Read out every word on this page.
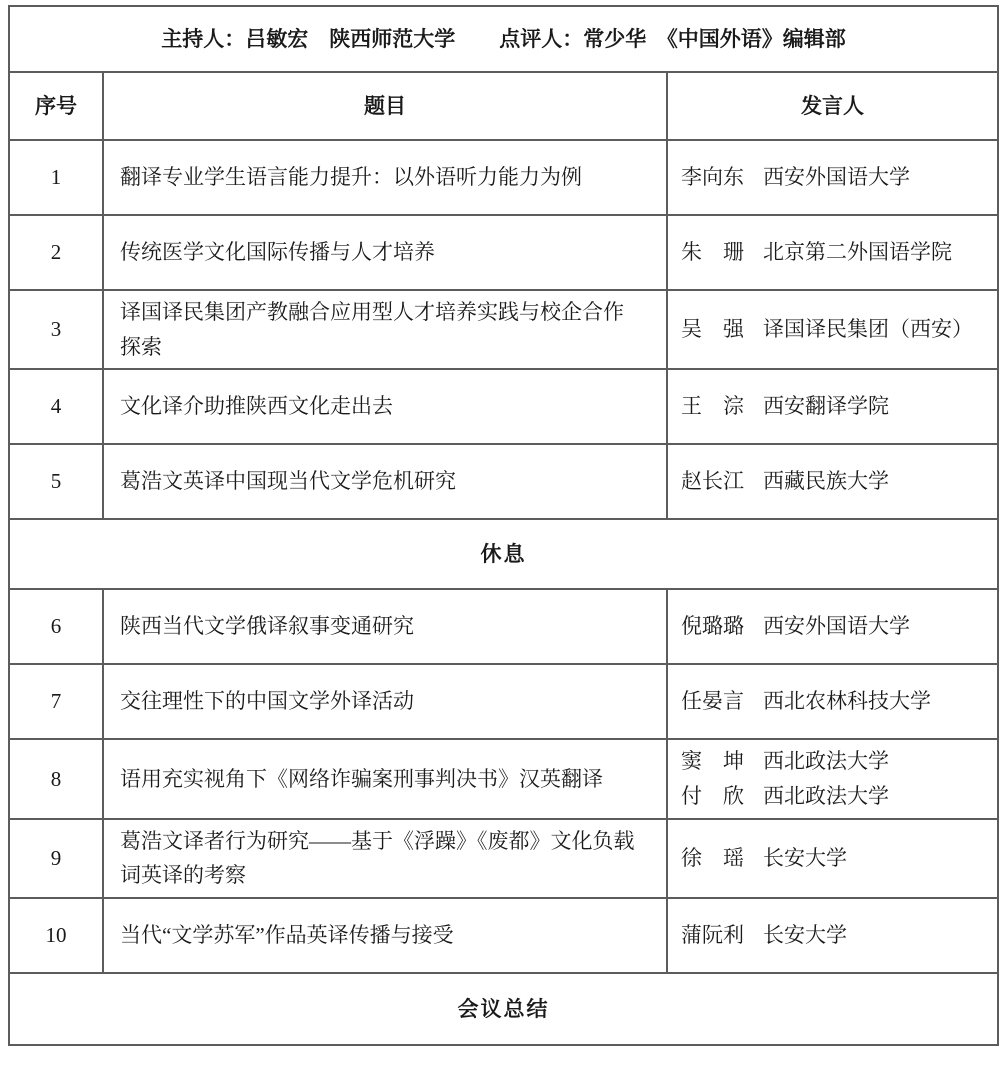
主持人：吕敏宏　陕西师范大学 点评人：常少华　《中国外语》编辑部		
序号	题目	发言人
1	翻译专业学生语言能力提升：以外语听力能力为例	李向东 西安外国语大学

2	传统医学文化国际传播与人才培养	朱　珊 北京第二外国语学院

3	译国译民集团产教融合应用型人才培养实践与校企合作探索	吴　强 译国译民集团（西安）

4	文化译介助推陕西文化走出去	王　淙 西安翻译学院

5	葛浩文英译中国现当代文学危机研究	赵长江 西藏民族大学

休息		
6	陕西当代文学俄译叙事变通研究	倪璐璐 西安外国语大学

7	交往理性下的中国文学外译活动	任晏言 西北农林科技大学

8	语用充实视角下《网络诈骗案刑事判决书》汉英翻译	窦　坤 西北政法大学
付　欣 西北政法大学

9	葛浩文译者行为研究——基于《浮躁》《废都》文化负载词英译的考察	徐　瑶 长安大学

10	当代“文学苏军”作品英译传播与接受	蒲阮利 长安大学

会议总结		
